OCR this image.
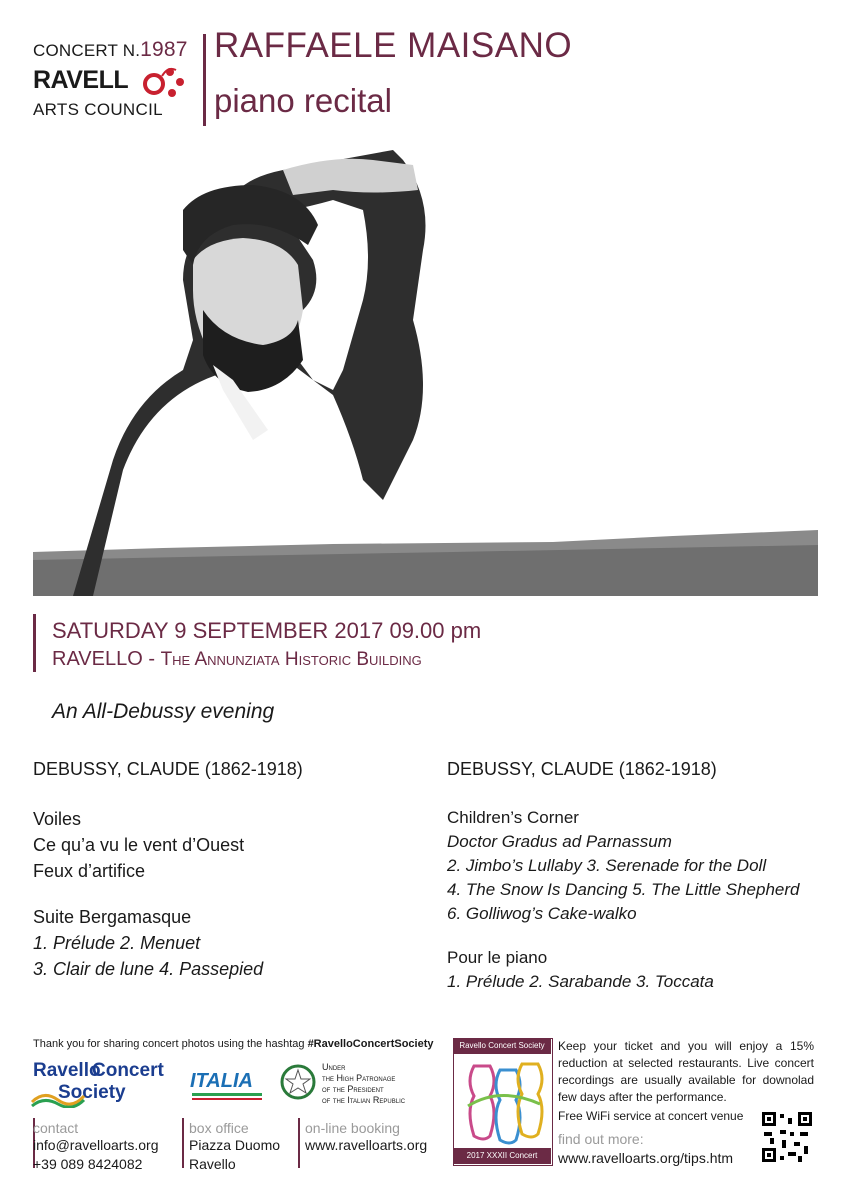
CONCERT N.1987
RAVELL
ARTS COUNCIL
RAFFAELE MAISANO
piano recital
SATURDAY 9 SEPTEMBER 2017 09.00 pm
RAVELLO - The Annunziata Historic Building
An All-Debussy evening
DEBUSSY, CLAUDE (1862-1918)
Voiles
Ce qu’a vu le vent d’Ouest
Feux d’artifice
Suite Bergamasque
1. Prélude 2. Menuet
3. Clair de lune 4. Passepied
DEBUSSY, CLAUDE (1862-1918)
Children’s Corner
Doctor Gradus ad Parnassum
2. Jimbo’s Lullaby 3. Serenade for the Doll
4. The Snow Is Dancing 5. The Little Shepherd
6. Golliwog’s Cake-walko
Pour le piano
1. Prélude 2. Sarabande 3. Toccata
Thank you for sharing concert photos using the hashtag #RavelloConcertSociety
Ravello
Concert
Society
ITALIA
Under
the High Patronage
of the President
of the Italian Republic
Ravello Concert Society
2017 XXXII Concert Season
Keep your ticket and you will enjoy a 15% reduction at selected restaurants. Live concert recordings are usually available for downolad few days after the performance.
Free WiFi service at concert venue
find out more:
www.ravelloarts.org/tips.htm
contact
info@ravelloarts.org
+39 089 8424082
box office
Piazza Duomo
Ravello
on-line booking
www.ravelloarts.org
